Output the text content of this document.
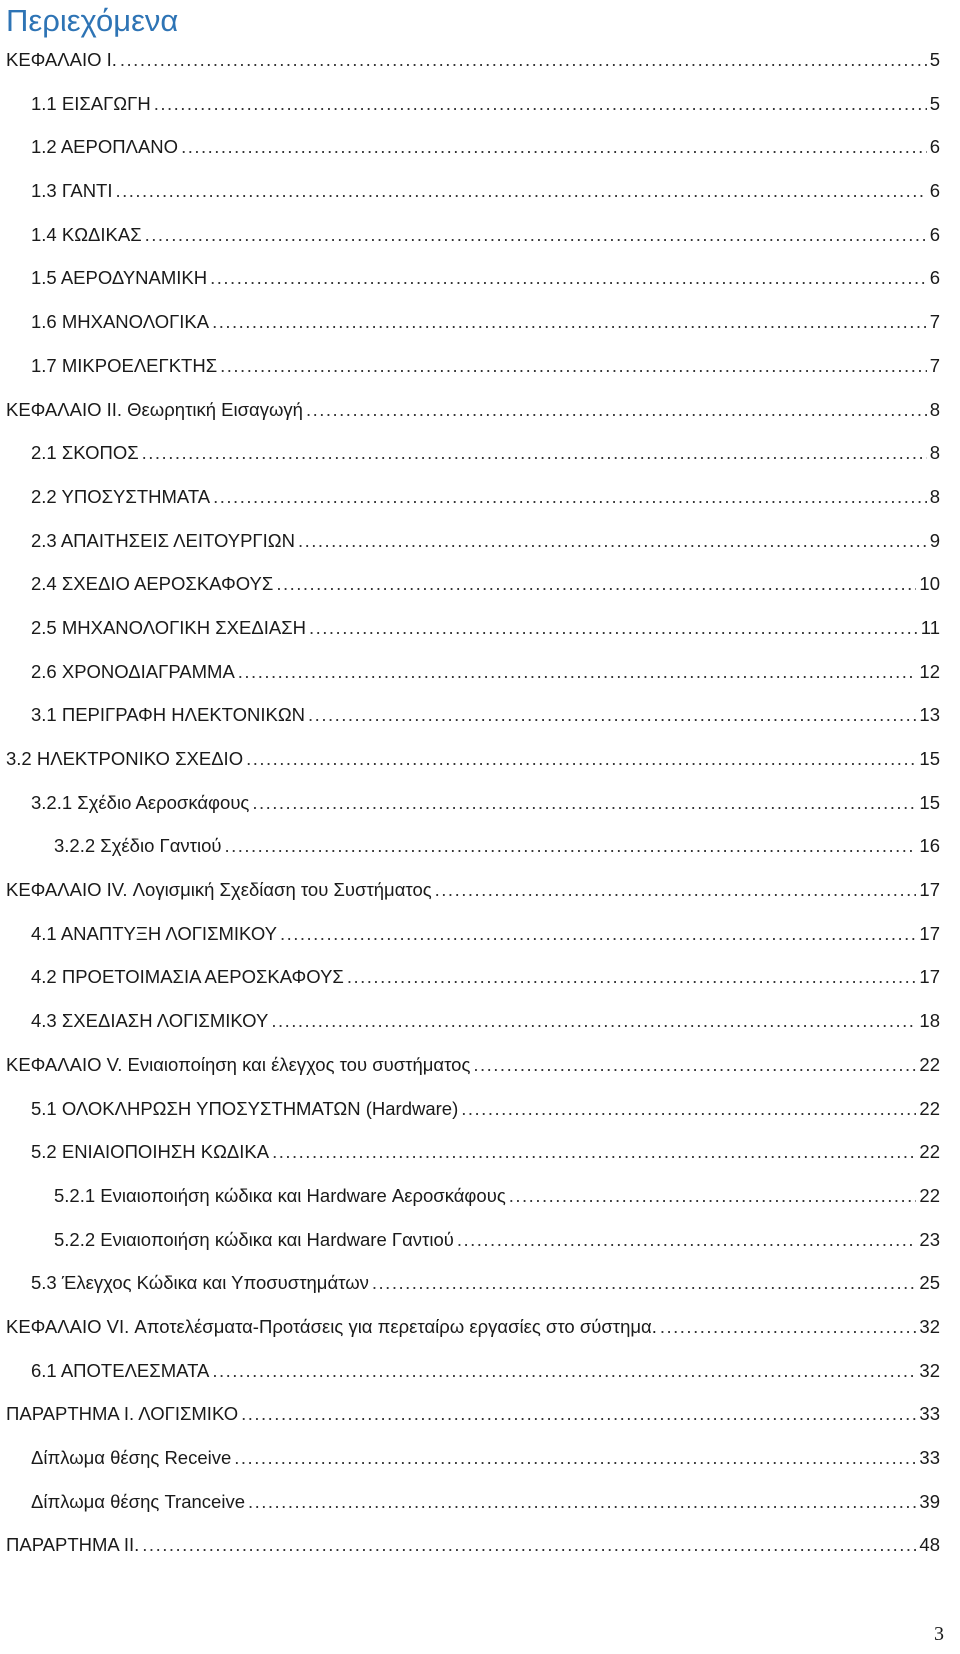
Περιεχόμενα
ΚΕΦΑΛΑΙΟ Ι. .....	5
1.1 ΕΙΣΑΓΩΓΗ .....	5
1.2 ΑΕΡΟΠΛΑΝΟ .....	6
1.3 ΓΑΝΤΙ .....	6
1.4 ΚΩΔΙΚΑΣ .....	6
1.5 ΑΕΡΟΔΥΝΑΜΙΚΗ .....	6
1.6 ΜΗΧΑΝΟΛΟΓΙΚΑ .....	7
1.7 ΜΙΚΡΟΕΛΕΓΚΤΗΣ .....	7
ΚΕΦΑΛΑΙΟ ΙΙ. Θεωρητική Εισαγωγή .....	8
2.1 ΣΚΟΠΟΣ .....	8
2.2 ΥΠΟΣΥΣΤΗΜΑΤΑ .....	8
2.3 ΑΠΑΙΤΗΣΕΙΣ ΛΕΙΤΟΥΡΓΙΩΝ .....	9
2.4 ΣΧΕΔΙΟ ΑΕΡΟΣΚΑΦΟΥΣ .....	10
2.5 ΜΗΧΑΝΟΛΟΓΙΚΗ ΣΧΕΔΙΑΣΗ .....	11
2.6 ΧΡΟΝΟΔΙΑΓΡΑΜΜΑ .....	12
3.1 ΠΕΡΙΓΡΑΦΗ ΗΛΕΚΤΟΝΙΚΩΝ .....	13
3.2 ΗΛΕΚΤΡΟΝΙΚΟ ΣΧΕΔΙΟ .....	15
3.2.1 Σχέδιο Αεροσκάφους .....	15
3.2.2 Σχέδιο Γαντιού .....	16
ΚΕΦΑΛΑΙΟ IV. Λογισμική Σχεδίαση του Συστήματος .....	17
4.1 ΑΝΑΠΤΥΞΗ ΛΟΓΙΣΜΙΚΟΥ .....	17
4.2 ΠΡΟΕΤΟΙΜΑΣΙΑ ΑΕΡΟΣΚΑΦΟΥΣ .....	17
4.3 ΣΧΕΔΙΑΣΗ ΛΟΓΙΣΜΙΚΟΥ .....	18
ΚΕΦΑΛΑΙΟ V. Ενιαιοποίηση και έλεγχος του συστήματος .....	22
5.1 ΟΛΟΚΛΗΡΩΣΗ ΥΠΟΣΥΣΤΗΜΑΤΩΝ (Hardware) .....	22
5.2 ΕΝΙΑΙΟΠΟΙΗΣΗ ΚΩΔΙΚΑ .....	22
5.2.1 Ενιαιοποιήση κώδικα και Hardware Αεροσκάφους .....	22
5.2.2 Ενιαιοποιήση κώδικα και Hardware Γαντιού .....	23
5.3 Έλεγχος Κώδικα και Υποσυστημάτων .....	25
ΚΕΦΑΛΑΙΟ VI. Αποτελέσματα-Προτάσεις για περεταίρω εργασίες στο σύστημα. .....	32
6.1 ΑΠΟΤΕΛΕΣΜΑΤΑ .....	32
ΠΑΡΑΡΤΗΜΑ Ι. ΛΟΓΙΣΜΙΚΟ .....	33
Δίπλωμα θέσης Receive .....	33
Δίπλωμα θέσης Tranceive .....	39
ΠΑΡΑΡΤΗΜΑ ΙΙ. .....	48
3
